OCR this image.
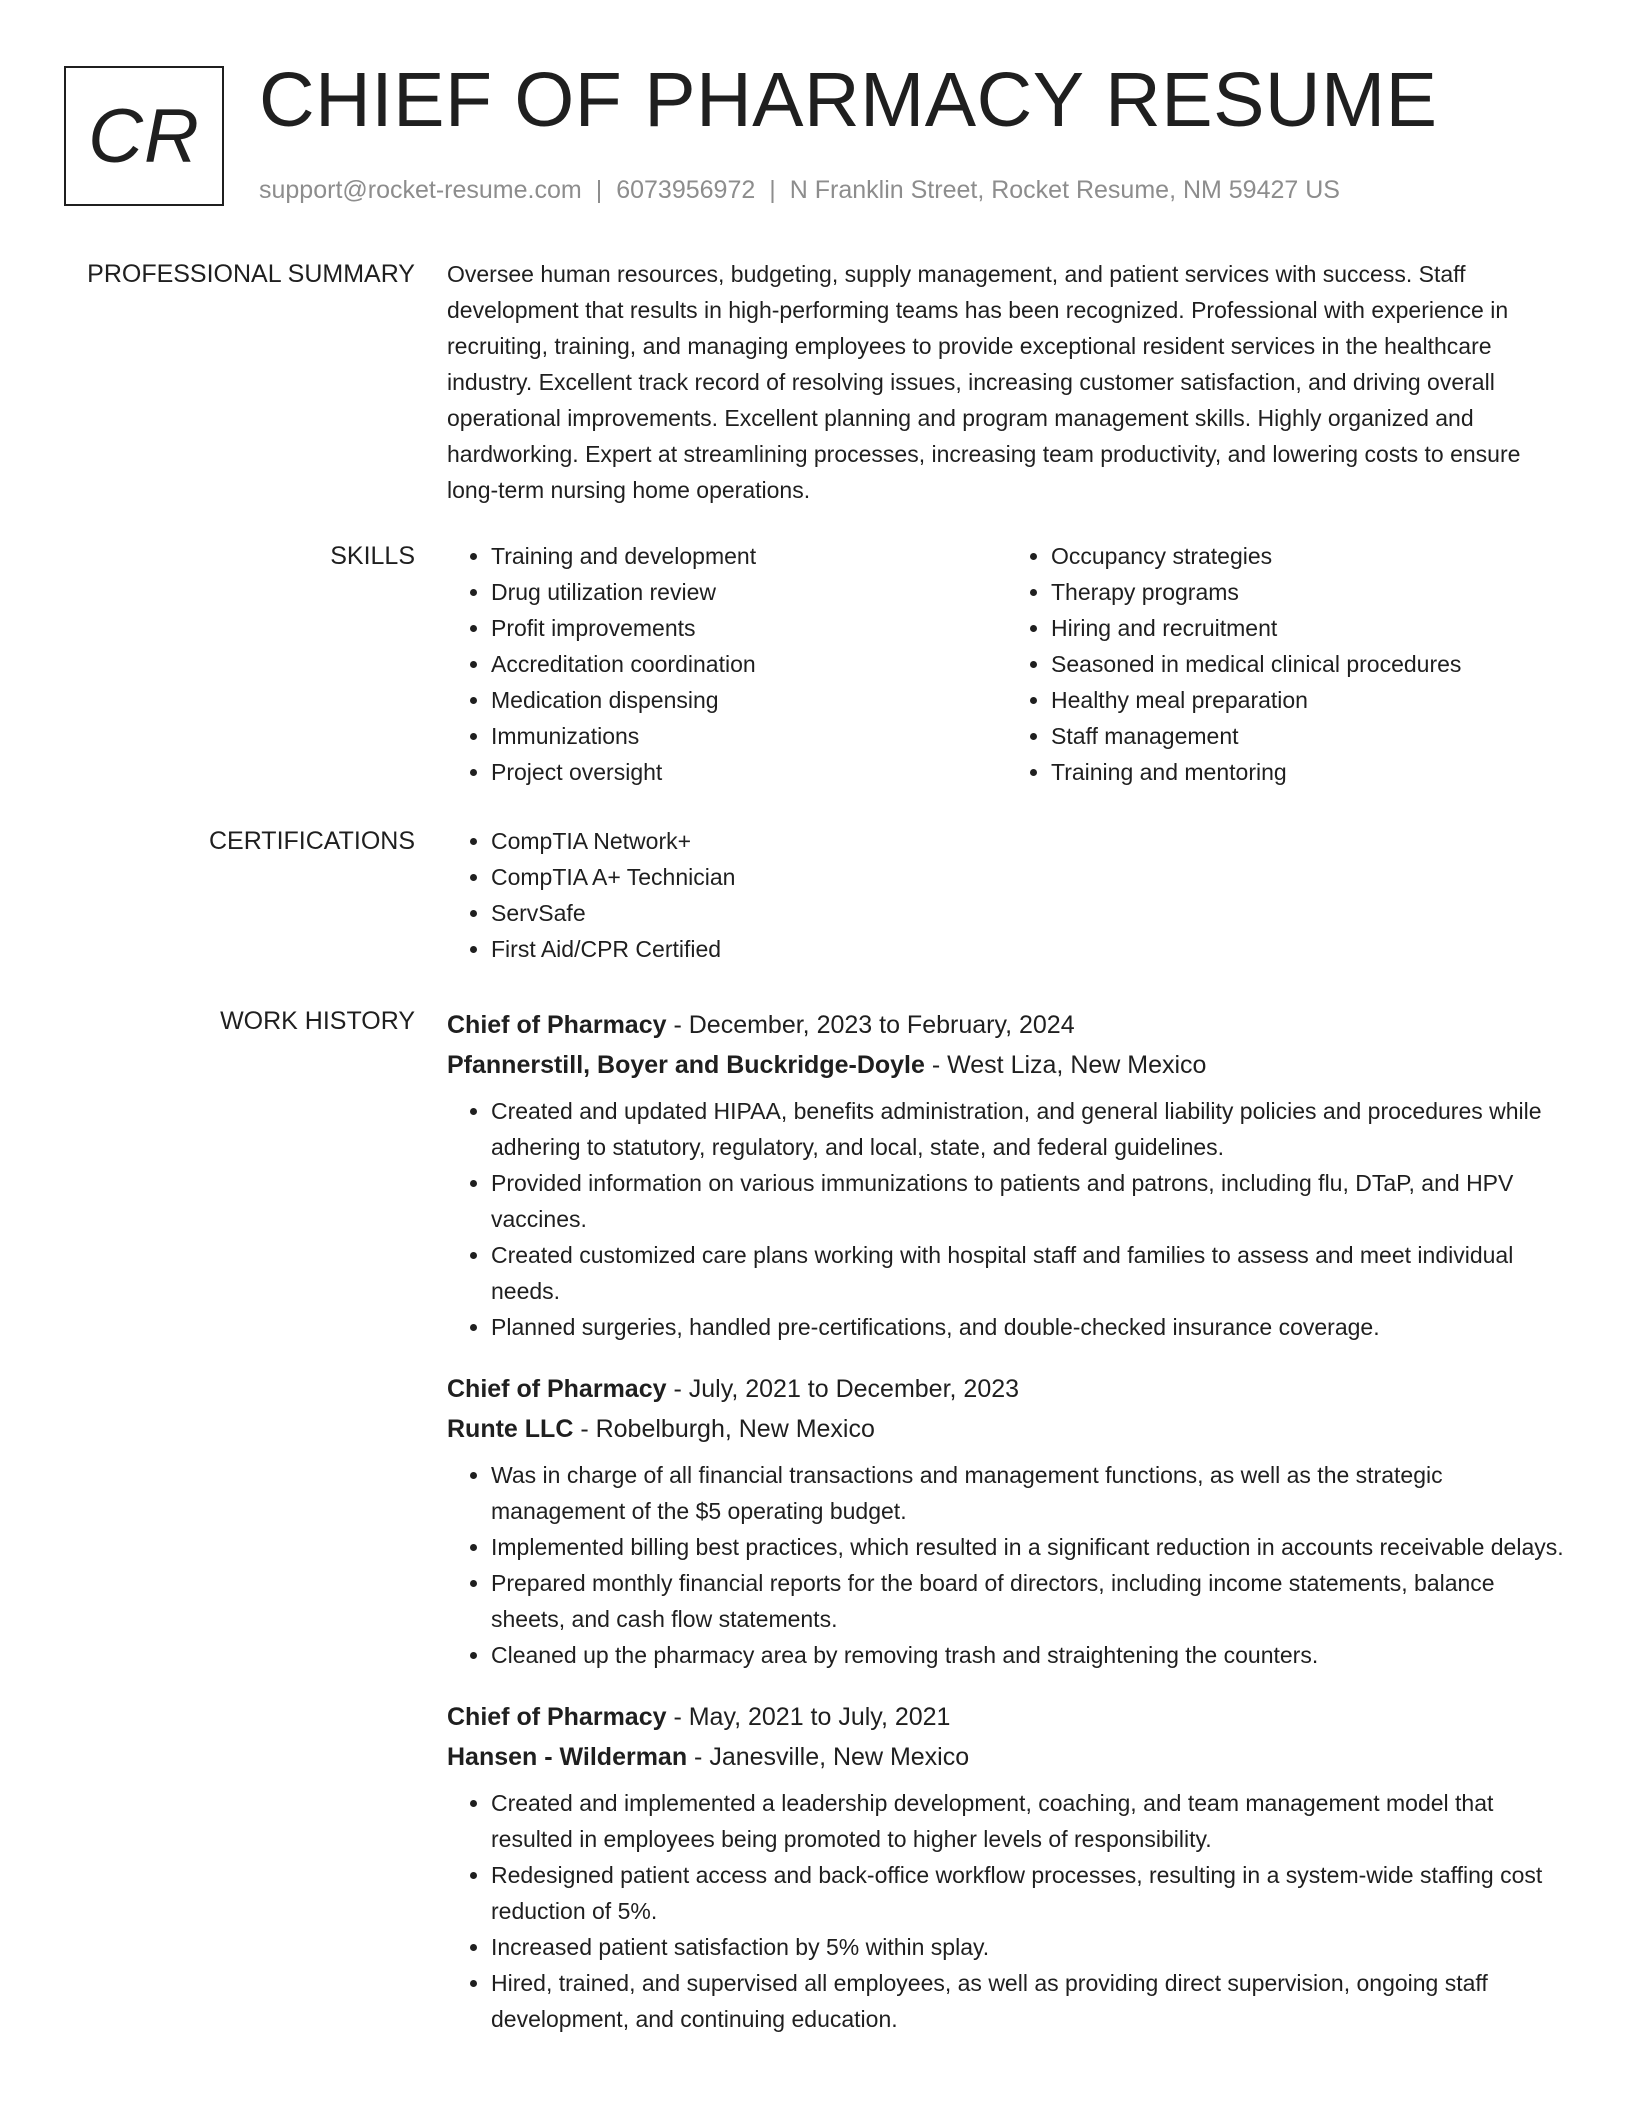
CR CHIEF OF PHARMACY RESUME
support@rocket-resume.com | 6073956972 | N Franklin Street, Rocket Resume, NM 59427 US
PROFESSIONAL SUMMARY Oversee human resources, budgeting, supply management, and patient services with success. Staff development that results in high-performing teams has been recognized. Professional with experience in recruiting, training, and managing employees to provide exceptional resident services in the healthcare industry. Excellent track record of resolving issues, increasing customer satisfaction, and driving overall operational improvements. Excellent planning and program management skills. Highly organized and hardworking. Expert at streamlining processes, increasing team productivity, and lowering costs to ensure long-term nursing home operations.
SKILLS	• Training and development
• Drug utilization review
• Profit improvements
• Accreditation coordination
• Medication dispensing
• Immunizations
• Project oversight
• Occupancy strategies
• Therapy programs
• Hiring and recruitment
• Seasoned in medical clinical procedures
• Healthy meal preparation
• Staff management
• Training and mentoring
CERTIFICATIONS	• CompTIA Network+
• CompTIA A+ Technician
• ServSafe
• First Aid/CPR Certified
WORK HISTORY Chief of Pharmacy - December, 2023 to February, 2024
Pfannerstill, Boyer and Buckridge-Doyle - West Liza, New Mexico
• Created and updated HIPAA, benefits administration, and general liability policies and procedures while adhering to statutory, regulatory, and local, state, and federal guidelines.
• Provided information on various immunizations to patients and patrons, including flu, DTaP, and HPV vaccines.
• Created customized care plans working with hospital staff and families to assess and meet individual needs.
• Planned surgeries, handled pre-certifications, and double-checked insurance coverage.
Chief of Pharmacy - July, 2021 to December, 2023
Runte LLC - Robelburgh, New Mexico
• Was in charge of all financial transactions and management functions, as well as the strategic management of the $5 operating budget.
• Implemented billing best practices, which resulted in a significant reduction in accounts receivable delays.
• Prepared monthly financial reports for the board of directors, including income statements, balance sheets, and cash flow statements.
• Cleaned up the pharmacy area by removing trash and straightening the counters.
Chief of Pharmacy - May, 2021 to July, 2021
Hansen - Wilderman - Janesville, New Mexico
• Created and implemented a leadership development, coaching, and team management model that resulted in employees being promoted to higher levels of responsibility.
• Redesigned patient access and back-office workflow processes, resulting in a system-wide staffing cost reduction of 5%.
• Increased patient satisfaction by 5% within splay.
• Hired, trained, and supervised all employees, as well as providing direct supervision, ongoing staff development, and continuing education.
